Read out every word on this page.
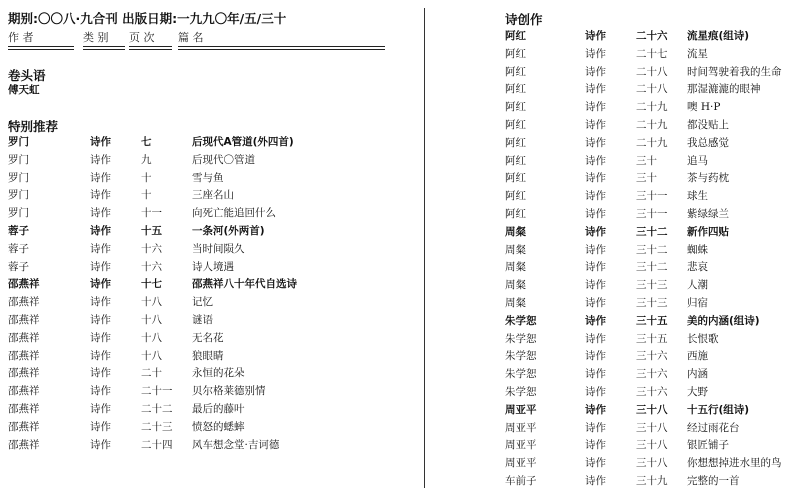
期别:〇〇八·九合刊 出版日期:一九九〇年/五/三十
作 者	类 别 页 次 篇 名
卷头语
傅天虹
特别推荐
罗门	诗作	七	后现代A管道(外四首)
罗门	诗作	九	后现代〇管道
罗门	诗作	十	雪与鱼
罗门	诗作	十	三座名山
罗门	诗作	十一	向死亡能追回什么
蓉子	诗作	十五	一条河(外两首)
蓉子	诗作	十六	当时间陨久
蓉子	诗作	十六	诗人境遇
邵燕祥	诗作	十七	邵燕祥八十年代自选诗
邵燕祥	诗作	十八	记忆
邵燕祥	诗作	十八	谜语
邵燕祥	诗作	十八	无名花
邵燕祥	诗作	十八	狼眼睛
邵燕祥	诗作	二十	永恒的花朵
邵燕祥	诗作	二十一 贝尔格莱德别情
邵燕祥	诗作	二十二 最后的藤叶
邵燕祥	诗作	二十三 愤怒的蟋蟀
邵燕祥	诗作	二十四 风车想念堂·吉诃德
诗创作
阿红	诗作	二十六 流星痕(组诗)
阿红	诗作	二十七 流星
阿红	诗作	二十八 时间驾驶着我的生命
阿红	诗作	二十八 那湿漉漉的眼神
阿红	诗作	二十九 噢 H·P
阿红	诗作	二十九 都没贴上
阿红	诗作	二十九 我总感觉
阿红	诗作	三十	追马
阿红	诗作	三十	茶与药枕
阿红	诗作	三十一 球生
阿红	诗作	三十一 紫绿绿兰
周粲	诗作	三十二 新作四贴
周粲	诗作	三十二 蜘蛛
周粲	诗作	三十二 悲哀
周粲	诗作	三十三 人潮
周粲	诗作	三十三 归宿
朱学恕	诗作	三十五 美的内涵(组诗)
朱学恕	诗作	三十五 长恨歌
朱学恕	诗作	三十六 西施
朱学恕	诗作	三十六 内涵
朱学恕	诗作	三十六 大野
周亚平	诗作	三十八 十五行(组诗)
周亚平	诗作	三十八 经过雨花台
周亚平	诗作	三十八 银匠铺子
周亚平	诗作	三十八 你想想掉进水里的鸟
车前子	诗作	三十九 完整的一首
